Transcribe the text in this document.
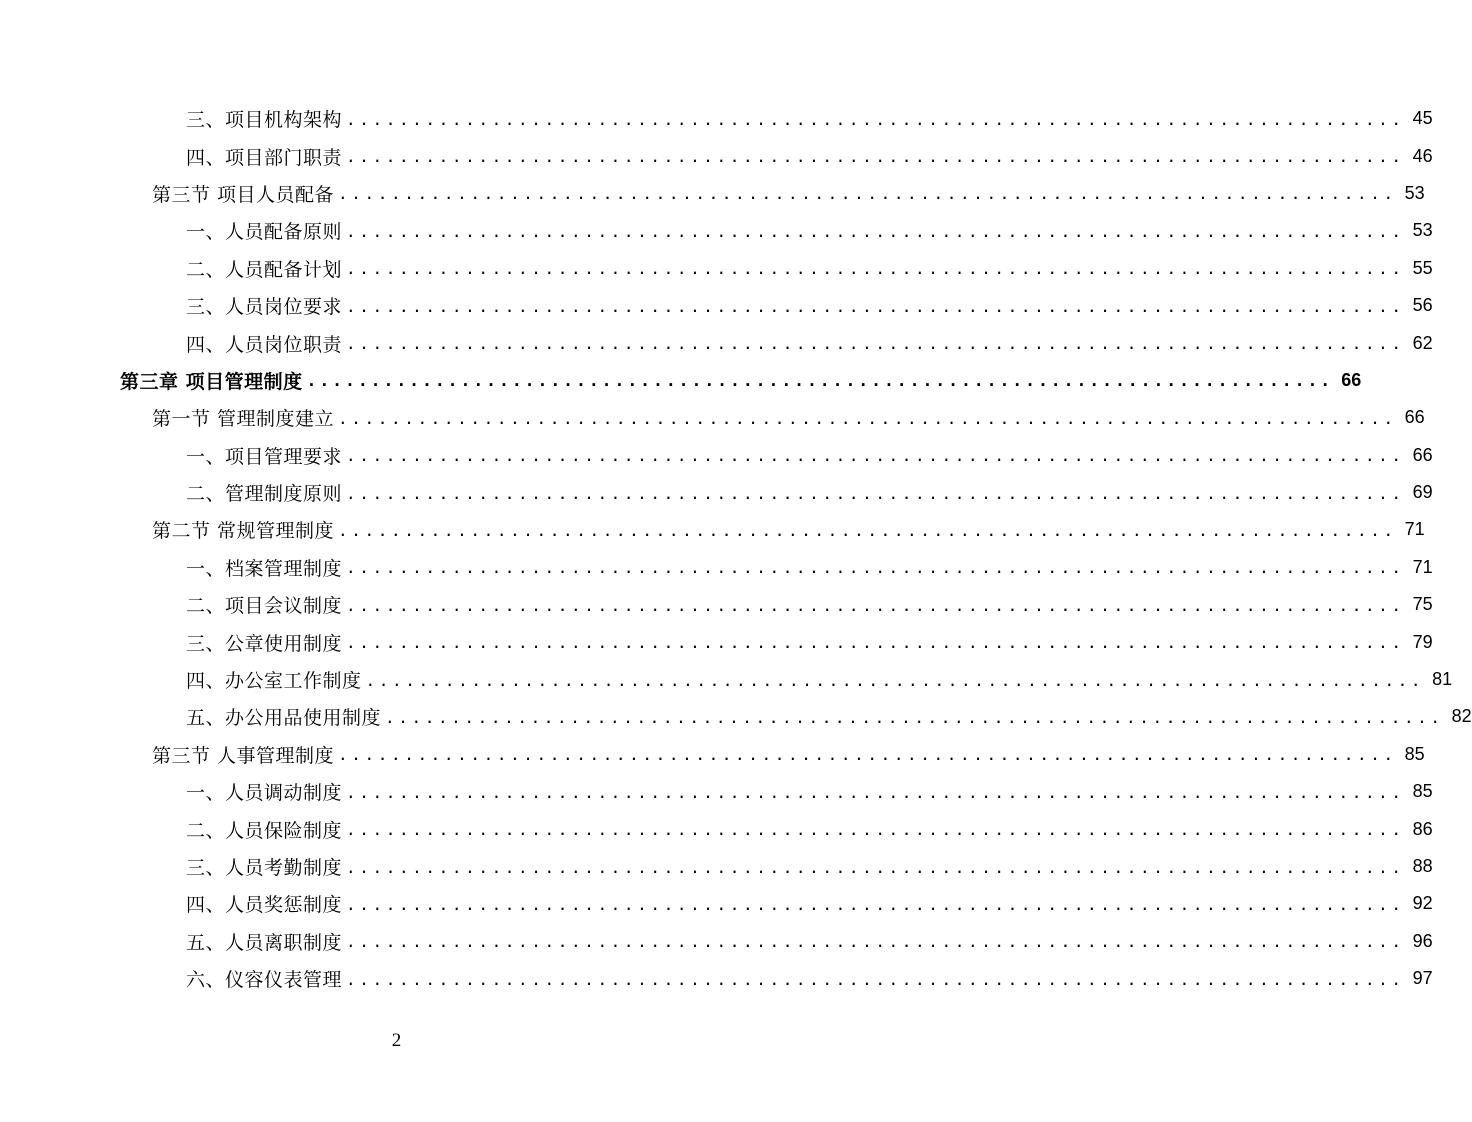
三、项目机构架构 ................................................................................ 45
四、项目部门职责 ................................................................................ 46
第三节 项目人员配备 ................................................................................ 53
一、人员配备原则 ................................................................................ 53
二、人员配备计划 ................................................................................ 55
三、人员岗位要求 ................................................................................ 56
四、人员岗位职责 ................................................................................ 62
第三章 项目管理制度 ................................................................................ 66
第一节 管理制度建立 ................................................................................ 66
一、项目管理要求 ................................................................................ 66
二、管理制度原则 ................................................................................ 69
第二节 常规管理制度 ................................................................................ 71
一、档案管理制度 ................................................................................ 71
二、项目会议制度 ................................................................................ 75
三、公章使用制度 ................................................................................ 79
四、办公室工作制度 ................................................................................ 81
五、办公用品使用制度 ................................................................................ 82
第三节 人事管理制度 ................................................................................ 85
一、人员调动制度 ................................................................................ 85
二、人员保险制度 ................................................................................ 86
三、人员考勤制度 ................................................................................ 88
四、人员奖惩制度 ................................................................................ 92
五、人员离职制度 ................................................................................ 96
六、仪容仪表管理 ................................................................................ 97
2
